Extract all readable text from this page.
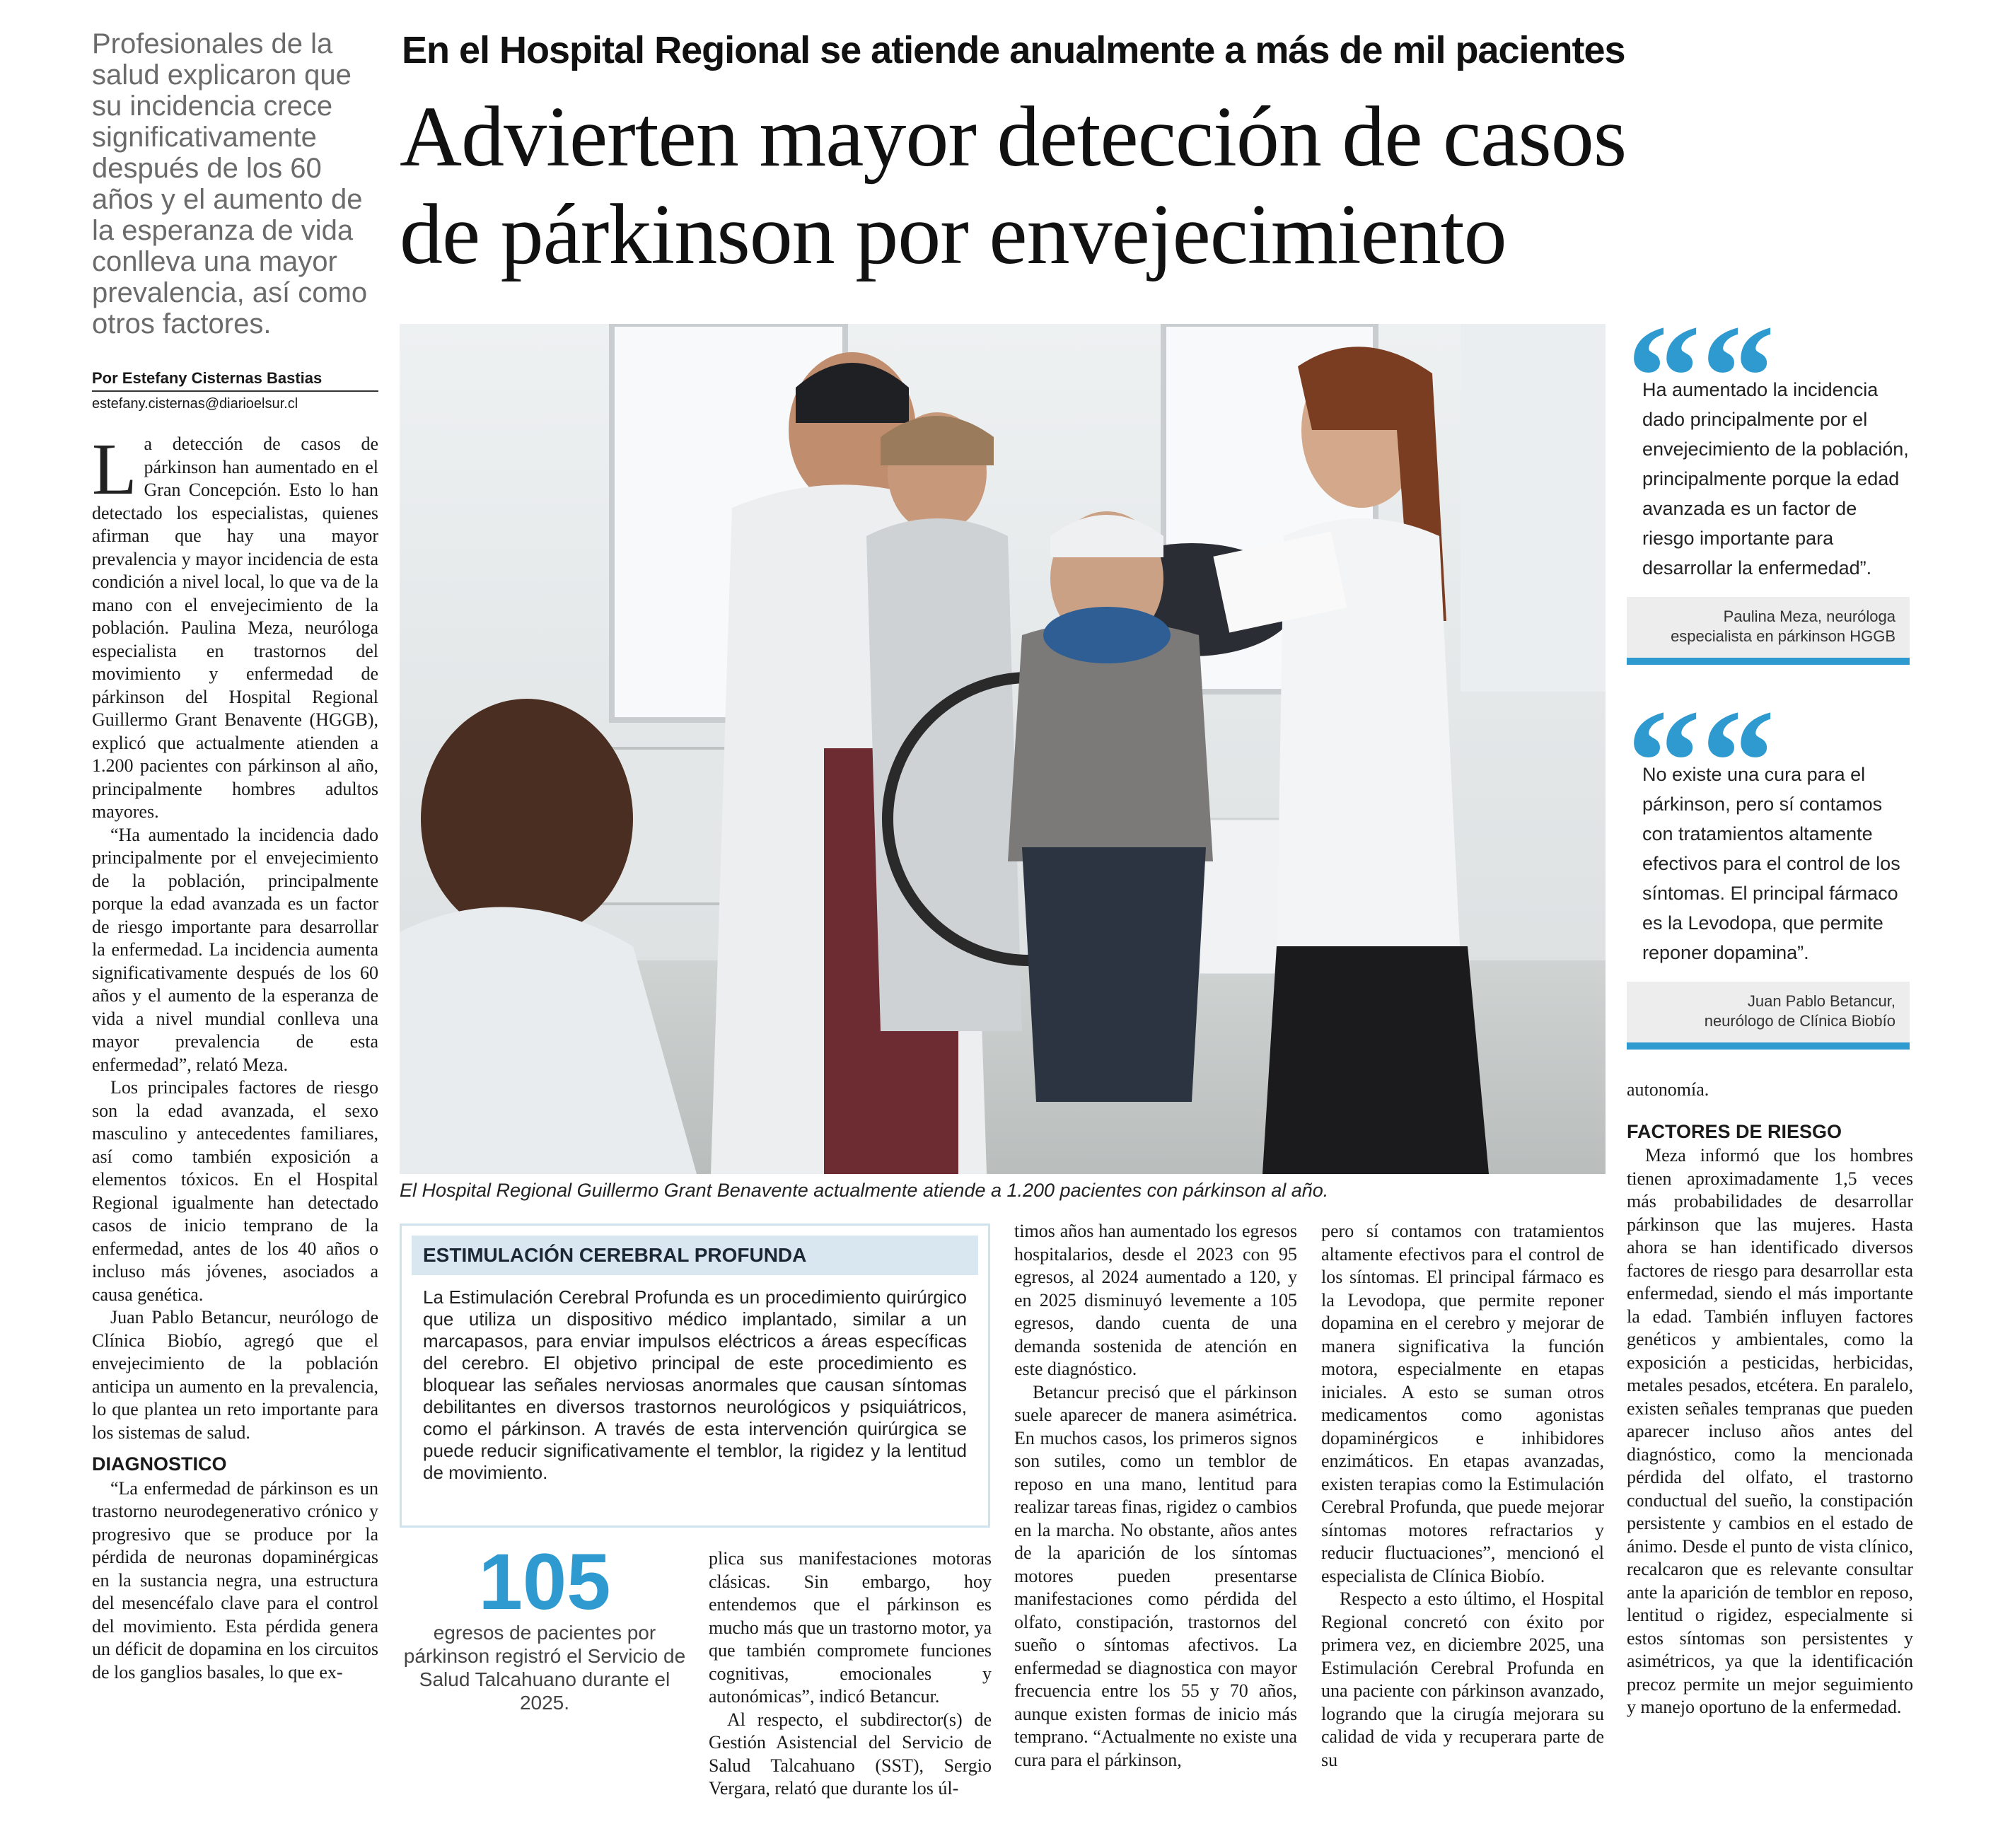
Profesionales de la salud explicaron que su incidencia crece significativamente después de los 60 años y el aumento de la esperanza de vida conlleva una mayor prevalencia, así como otros factores.
En el Hospital Regional se atiende anualmente a más de mil pacientes
Advierten mayor detección de casos
de párkinson por envejecimiento
Por Estefany Cisternas Bastias
estefany.cisternas@diarioelsur.cl

La detección de casos de párkinson han aumentado en el Gran Concepción. Esto lo han detectado los especialistas, quienes afirman que hay una mayor prevalencia y mayor incidencia de esta condición a nivel local, lo que va de la mano con el envejecimiento de la población. Paulina Meza, neuróloga especialista en trastornos del movimiento y enfermedad de párkinson del Hospital Regional Guillermo Grant Benavente (HGGB), explicó que actualmente atienden a 1.200 pacientes con párkinson al año, principalmente hombres adultos mayores.

“Ha aumentado la incidencia dado principalmente por el envejecimiento de la población, principalmente porque la edad avanzada es un factor de riesgo importante para desarrollar la enfermedad. La incidencia aumenta significativamente después de los 60 años y el aumento de la esperanza de vida a nivel mundial conlleva una mayor prevalencia de esta enfermedad”, relató Meza.

Los principales factores de riesgo son la edad avanzada, el sexo masculino y antecedentes familiares, así como también exposición a elementos tóxicos. En el Hospital Regional igualmente han detectado casos de inicio temprano de la enfermedad, antes de los 40 años o incluso más jóvenes, asociados a causa genética.

Juan Pablo Betancur, neurólogo de Clínica Biobío, agregó que el envejecimiento de la población anticipa un aumento en la prevalencia, lo que plantea un reto importante para los sistemas de salud.

DIAGNOSTICO

“La enfermedad de párkinson es un trastorno neurodegenerativo crónico y progresivo que se produce por la pérdida de neuronas dopaminérgicas en la sustancia negra, una estructura del mesencéfalo clave para el control del movimiento. Esta pérdida genera un déficit de dopamina en los circuitos de los ganglios basales, lo que ex-

El Hospital Regional Guillermo Grant Benavente actualmente atiende a 1.200 pacientes con párkinson al año.
Ha aumentado la incidencia dado principalmente por el envejecimiento de la población, principalmente porque la edad avanzada es un factor de riesgo importante para desarrollar la enfermedad”.
Paulina Meza, neuróloga
especialista en párkinson HGGB
No existe una cura para el párkinson, pero sí contamos con tratamientos altamente efectivos para el control de los síntomas. El principal fármaco es la Levodopa, que permite reponer dopamina”.
Juan Pablo Betancur,
neurólogo de Clínica Biobío
ESTIMULACIÓN CEREBRAL PROFUNDA
La Estimulación Cerebral Profunda es un procedimiento quirúrgico que utiliza un dispositivo médico implantado, similar a un marcapasos, para enviar impulsos eléctricos a áreas específicas del cerebro. El objetivo principal de este procedimiento es bloquear las señales nerviosas anormales que causan síntomas debilitantes en diversos trastornos neurológicos y psiquiátricos, como el párkinson. A través de esta intervención quirúrgica se puede reducir significativamente el temblor, la rigidez y la lentitud de movimiento.
105
egresos de pacientes por párkinson registró el Servicio de Salud Talcahuano durante el 2025.

plica sus manifestaciones motoras clásicas. Sin embargo, hoy entendemos que el párkinson es mucho más que un trastorno motor, ya que también compromete funciones cognitivas, emocionales y autonómicas”, indicó Betancur.

Al respecto, el subdirector(s) de Gestión Asistencial del Servicio de Salud Talcahuano (SST), Sergio Vergara, relató que durante los úl-

timos años han aumentado los egresos hospitalarios, desde el 2023 con 95 egresos, al 2024 aumentado a 120, y en 2025 disminuyó levemente a 105 egresos, dando cuenta de una demanda sostenida de atención en este diagnóstico.

Betancur precisó que el párkinson suele aparecer de manera asimétrica. En muchos casos, los primeros signos son sutiles, como un temblor de reposo en una mano, lentitud para realizar tareas finas, rigidez o cambios en la marcha. No obstante, años antes de la aparición de los síntomas motores pueden presentarse manifestaciones como pérdida del olfato, constipación, trastornos del sueño o síntomas afectivos. La enfermedad se diagnostica con mayor frecuencia entre los 55 y 70 años, aunque existen formas de inicio más temprano. “Actualmente no existe una cura para el párkinson,

pero sí contamos con tratamientos altamente efectivos para el control de los síntomas. El principal fármaco es la Levodopa, que permite reponer dopamina en el cerebro y mejorar de manera significativa la función motora, especialmente en etapas iniciales. A esto se suman otros medicamentos como agonistas dopaminérgicos e inhibidores enzimáticos. En etapas avanzadas, existen terapias como la Estimulación Cerebral Profunda, que puede mejorar síntomas motores refractarios y reducir fluctuaciones”, mencionó el especialista de Clínica Biobío.

Respecto a esto último, el Hospital Regional concretó con éxito por primera vez, en diciembre 2025, una Estimulación Cerebral Profunda en una paciente con párkinson avanzado, logrando que la cirugía mejorara su calidad de vida y recuperara parte de su

autonomía.

FACTORES DE RIESGO

Meza informó que los hombres tienen aproximadamente 1,5 veces más probabilidades de desarrollar párkinson que las mujeres. Hasta ahora se han identificado diversos factores de riesgo para desarrollar esta enfermedad, siendo el más importante la edad. También influyen factores genéticos y ambientales, como la exposición a pesticidas, herbicidas, metales pesados, etcétera. En paralelo, existen señales tempranas que pueden aparecer incluso años antes del diagnóstico, como la mencionada pérdida del olfato, el trastorno conductual del sueño, la constipación persistente y cambios en el estado de ánimo. Desde el punto de vista clínico, recalcaron que es relevante consultar ante la aparición de temblor en reposo, lentitud o rigidez, especialmente si estos síntomas son persistentes y asimétricos, ya que la identificación precoz permite un mejor seguimiento y manejo oportuno de la enfermedad.
